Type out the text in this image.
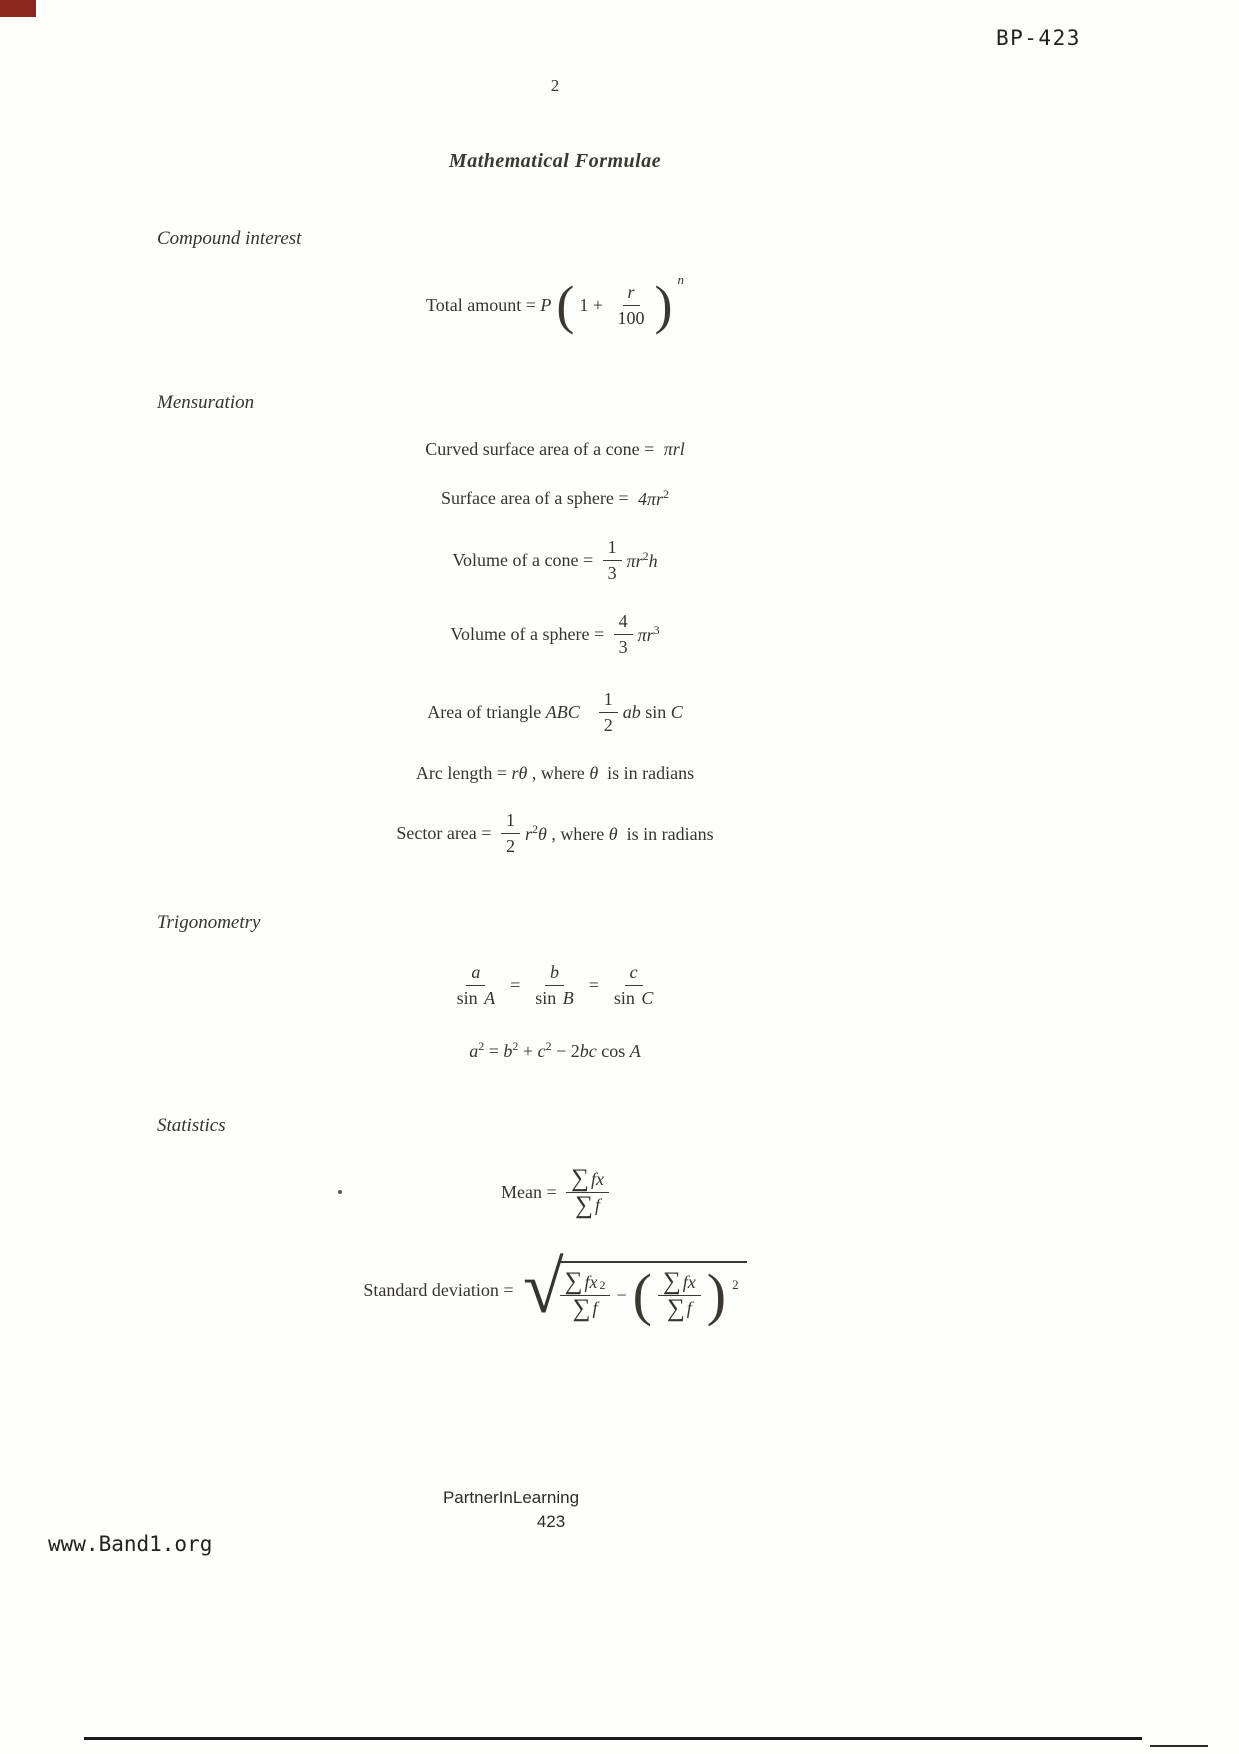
BP-423
2
Mathematical Formulae
Compound interest
Total amount = P ( $1 + \frac{r}{100}$ ) n
Mensuration
Curved surface area of a cone = πrl
Surface area of a sphere = $4\pi r^2$
Volume of a cone = $\frac{1}{3} \pi r^2h$
Volume of a sphere = $\frac{4}{3} \pi r^3$
Area of triangle ABC $\frac{1}{2}$ ab sin C
Arc length = rθ , where θ  is in radians
Sector area = $\frac{1}{2} r^2\theta$ , where θ  is in radians
Trigonometry
$\frac{a}{\text{sin A}} = \frac{b}{\text{sin B}} = \frac{c}{\text{sin C}}$
$a^2 = b^2 + c^2 - 2bc$ cos A
Statistics
Mean = $\frac{\sum fx}{\sum f}$
Standard deviation = √
$\frac{\sum fx 2}{\sum f}$ − ( $\frac{\sum fx}{\sum f}$ ) 2
PartnerInLearning
423
www.Band1.org
